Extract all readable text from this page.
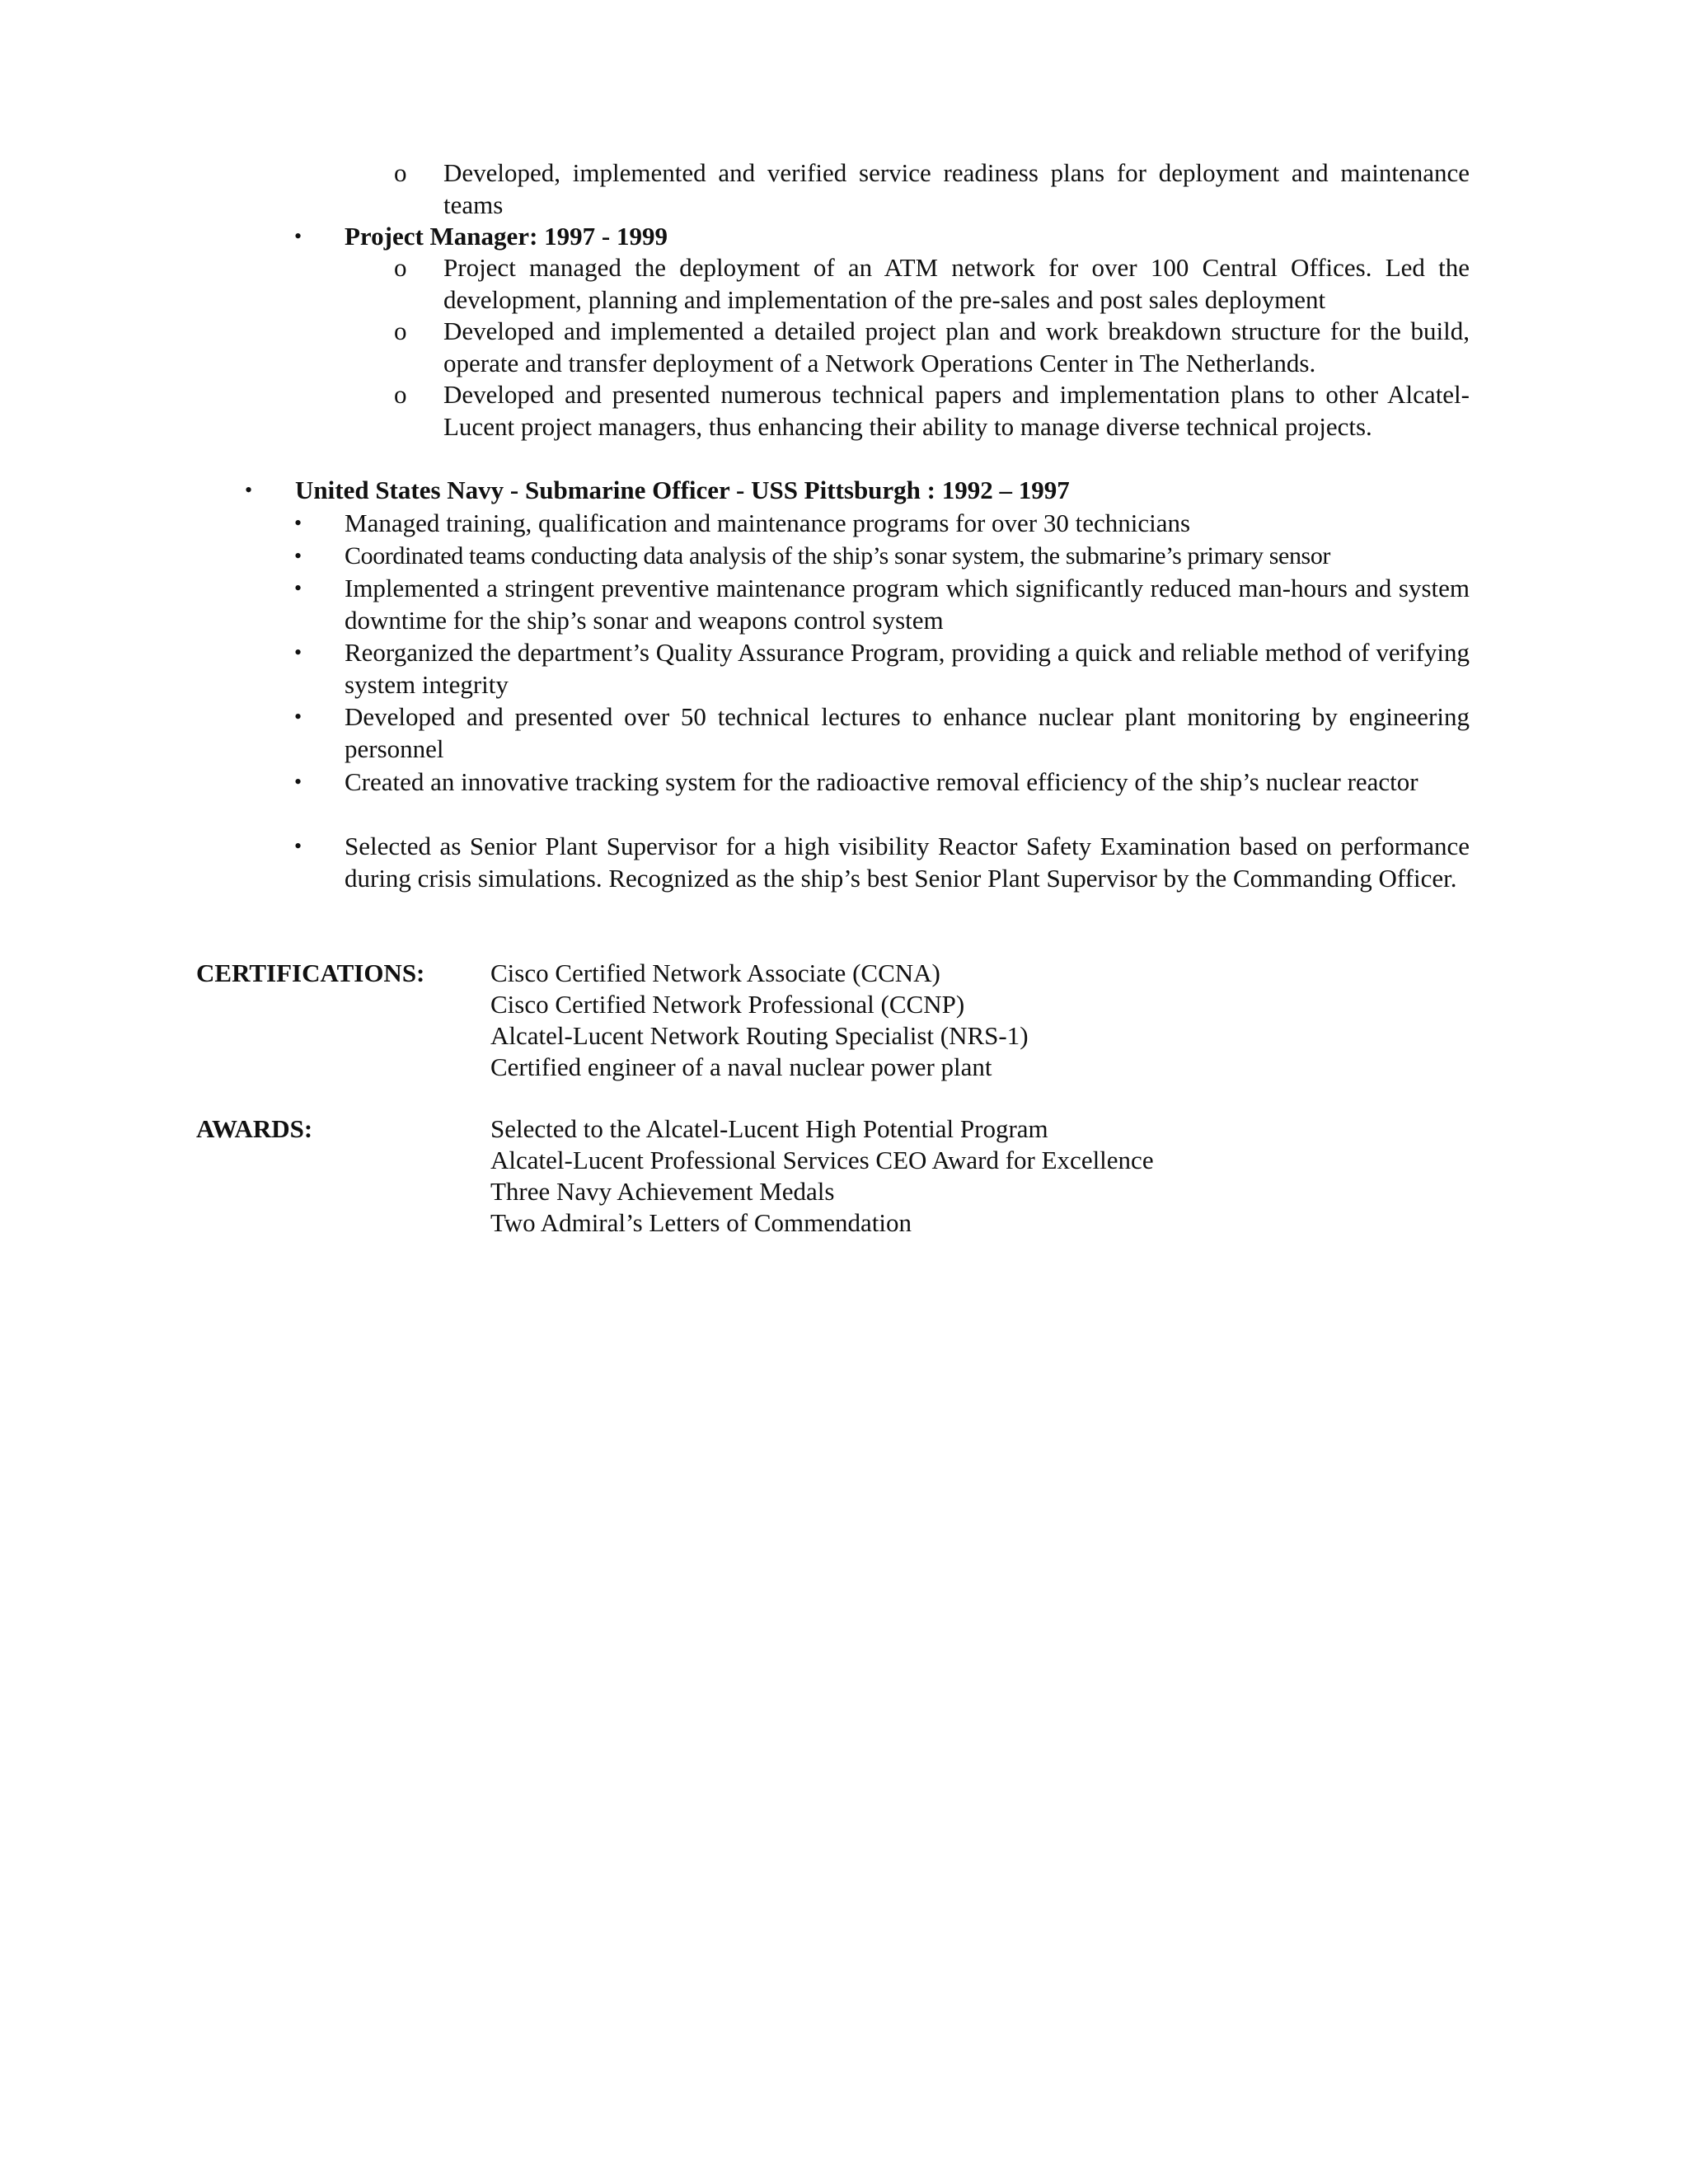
o Developed, implemented and verified service readiness plans for deployment and maintenance teams
• Project Manager: 1997 - 1999
o Project managed the deployment of an ATM network for over 100 Central Offices. Led the development, planning and implementation of the pre-sales and post sales deployment
o Developed and implemented a detailed project plan and work breakdown structure for the build, operate and transfer deployment of a Network Operations Center in The Netherlands.
o Developed and presented numerous technical papers and implementation plans to other Alcatel-Lucent project managers, thus enhancing their ability to manage diverse technical projects.
• United States Navy - Submarine Officer - USS Pittsburgh : 1992 – 1997
• Managed training, qualification and maintenance programs for over 30 technicians
• Coordinated teams conducting data analysis of the ship’s sonar system, the submarine’s primary sensor
• Implemented a stringent preventive maintenance program which significantly reduced man-hours and system downtime for the ship’s sonar and weapons control system
• Reorganized the department’s Quality Assurance Program, providing a quick and reliable method of verifying system integrity
• Developed and presented over 50 technical lectures to enhance nuclear plant monitoring by engineering personnel
• Created an innovative tracking system for the radioactive removal efficiency of the ship’s nuclear reactor
• Selected as Senior Plant Supervisor for a high visibility Reactor Safety Examination based on performance during crisis simulations. Recognized as the ship’s best Senior Plant Supervisor by the Commanding Officer.
CERTIFICATIONS:	Cisco Certified Network Associate (CCNA)
Cisco Certified Network Professional (CCNP)
Alcatel-Lucent Network Routing Specialist (NRS-1)
Certified engineer of a naval nuclear power plant
AWARDS:	Selected to the Alcatel-Lucent High Potential Program
Alcatel-Lucent Professional Services CEO Award for Excellence
Three Navy Achievement Medals
Two Admiral’s Letters of Commendation
